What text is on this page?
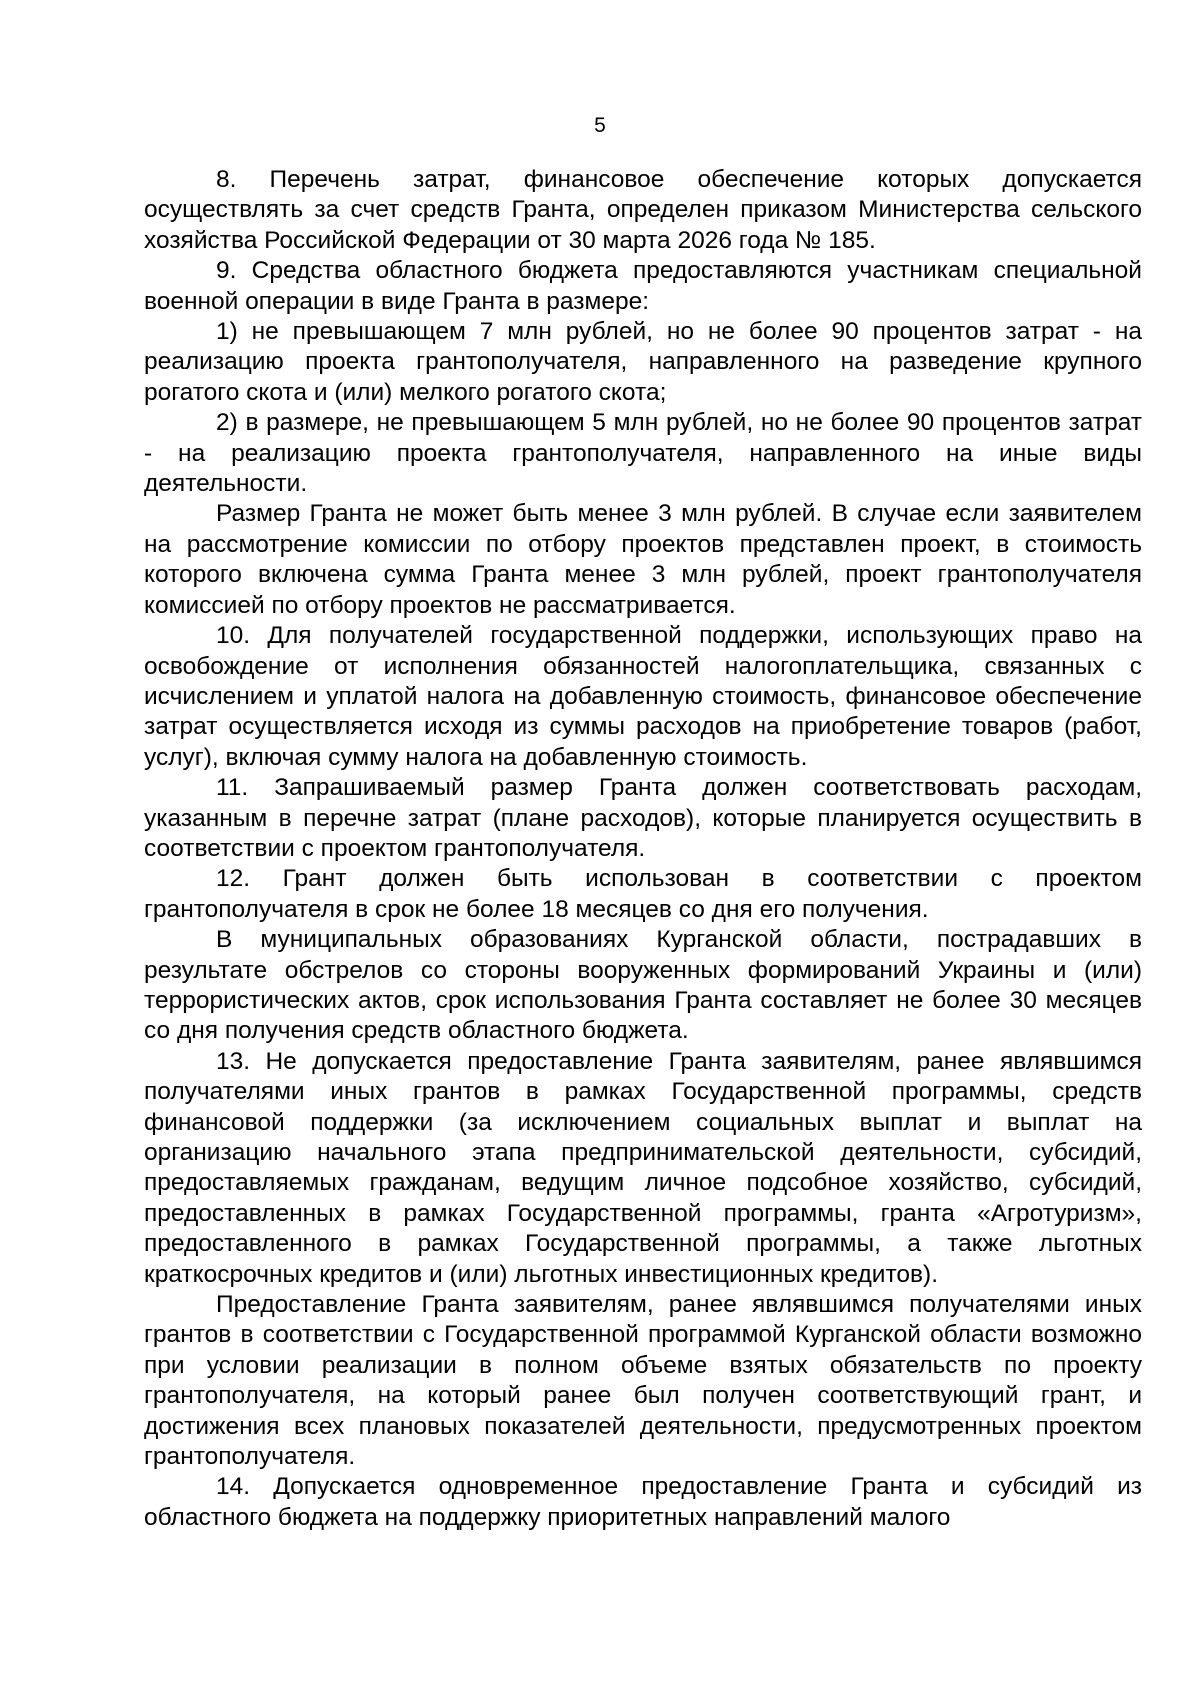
5

8. Перечень затрат, финансовое обеспечение которых допускается осуществлять за счет средств Гранта, определен приказом Министерства сельского хозяйства Российской Федерации от 30 марта 2026 года № 185.

9. Средства областного бюджета предоставляются участникам специальной военной операции в виде Гранта в размере:

1) не превышающем 7 млн рублей, но не более 90 процентов затрат - на реализацию проекта грантополучателя, направленного на разведение крупного рогатого скота и (или) мелкого рогатого скота;

2) в размере, не превышающем 5 млн рублей, но не более 90 процентов затрат - на реализацию проекта грантополучателя, направленного на иные виды деятельности.

Размер Гранта не может быть менее 3 млн рублей. В случае если заявителем на рассмотрение комиссии по отбору проектов представлен проект, в стоимость которого включена сумма Гранта менее 3 млн рублей, проект грантополучателя комиссией по отбору проектов не рассматривается.

10. Для получателей государственной поддержки, использующих право на освобождение от исполнения обязанностей налогоплательщика, связанных с исчислением и уплатой налога на добавленную стоимость, финансовое обеспечение затрат осуществляется исходя из суммы расходов на приобретение товаров (работ, услуг), включая сумму налога на добавленную стоимость.

11. Запрашиваемый размер Гранта должен соответствовать расходам, указанным в перечне затрат (плане расходов), которые планируется осуществить в соответствии с проектом грантополучателя.

12. Грант должен быть использован в соответствии с проектом грантополучателя в срок не более 18 месяцев со дня его получения.

В муниципальных образованиях Курганской области, пострадавших в результате обстрелов со стороны вооруженных формирований Украины и (или) террористических актов, срок использования Гранта составляет не более 30 месяцев со дня получения средств областного бюджета.

13. Не допускается предоставление Гранта заявителям, ранее являвшимся получателями иных грантов в рамках Государственной программы, средств финансовой поддержки (за исключением социальных выплат и выплат на организацию начального этапа предпринимательской деятельности, субсидий, предоставляемых гражданам, ведущим личное подсобное хозяйство, субсидий, предоставленных в рамках Государственной программы, гранта «Агротуризм», предоставленного в рамках Государственной программы, а также льготных краткосрочных кредитов и (или) льготных инвестиционных кредитов).

Предоставление Гранта заявителям, ранее являвшимся получателями иных грантов в соответствии с Государственной программой Курганской области возможно при условии реализации в полном объеме взятых обязательств по проекту грантополучателя, на который ранее был получен соответствующий грант, и достижения всех плановых показателей деятельности, предусмотренных проектом грантополучателя.

14. Допускается одновременное предоставление Гранта и субсидий из областного бюджета на поддержку приоритетных направлений малого
